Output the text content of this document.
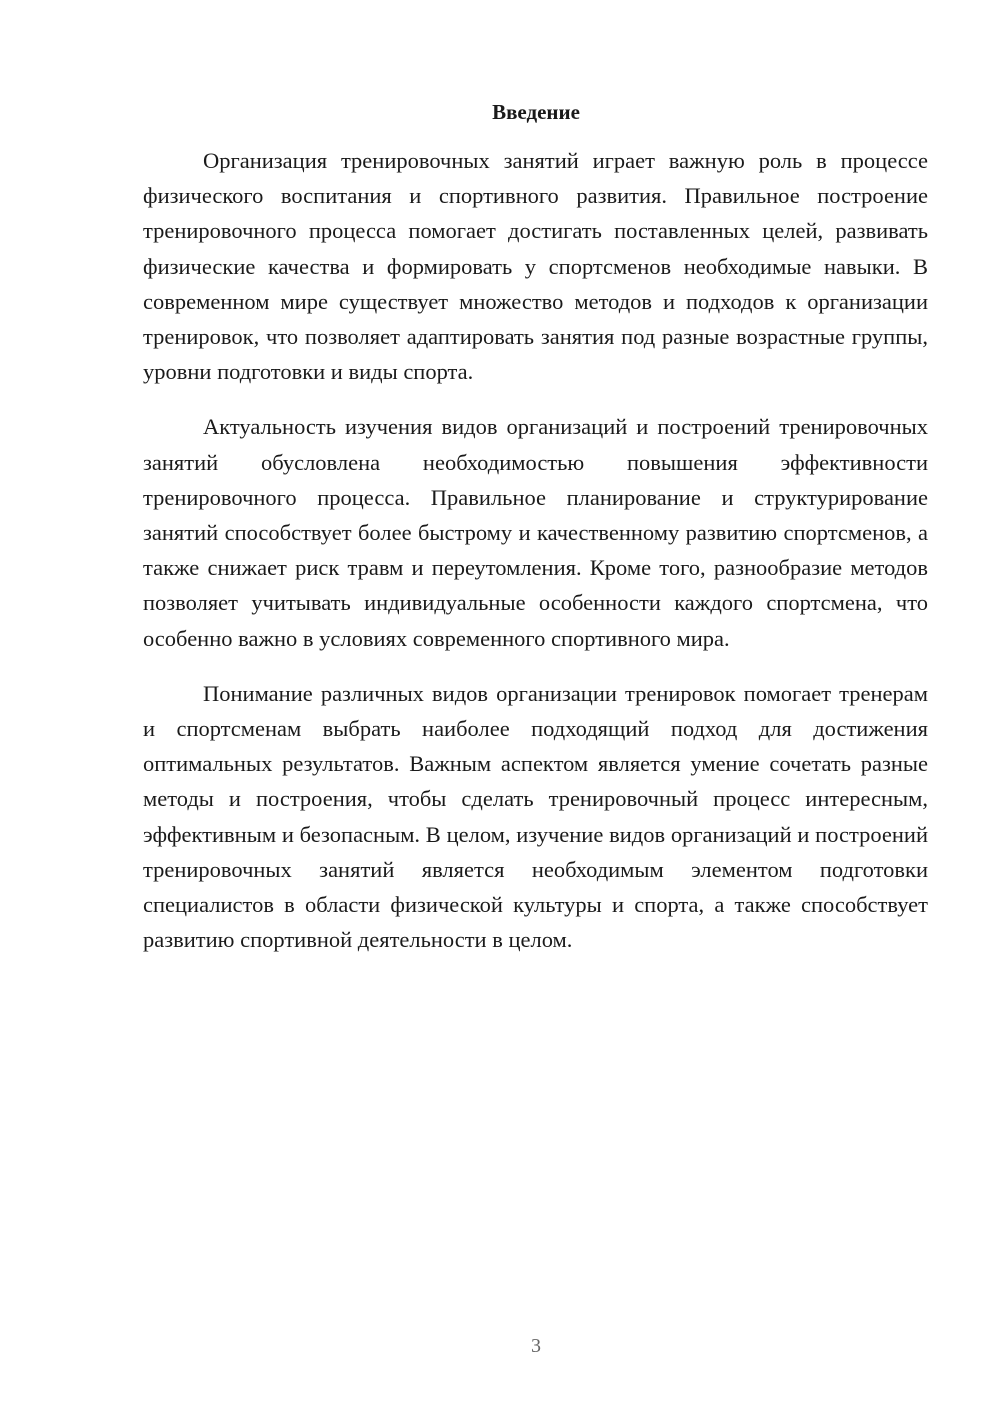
Введение

Организация тренировочных занятий играет важную роль в процессе физического воспитания и спортивного развития. Правильное построение тренировочного процесса помогает достигать поставленных целей, развивать физические качества и формировать у спортсменов необходимые навыки. В современном мире существует множество методов и подходов к организации тренировок, что позволяет адаптировать занятия под разные возрастные группы, уровни подготовки и виды спорта.

Актуальность изучения видов организаций и построений тренировочных занятий обусловлена необходимостью повышения эффективности тренировочного процесса. Правильное планирование и структурирование занятий способствует более быстрому и качественному развитию спортсменов, а также снижает риск травм и переутомления. Кроме того, разнообразие методов позволяет учитывать индивидуальные особенности каждого спортсмена, что особенно важно в условиях современного спортивного мира.

Понимание различных видов организации тренировок помогает тренерам и спортсменам выбрать наиболее подходящий подход для достижения оптимальных результатов. Важным аспектом является умение сочетать разные методы и построения, чтобы сделать тренировочный процесс интересным, эффективным и безопасным. В целом, изучение видов организаций и построений тренировочных занятий является необходимым элементом подготовки специалистов в области физической культуры и спорта, а также способствует развитию спортивной деятельности в целом.

3
